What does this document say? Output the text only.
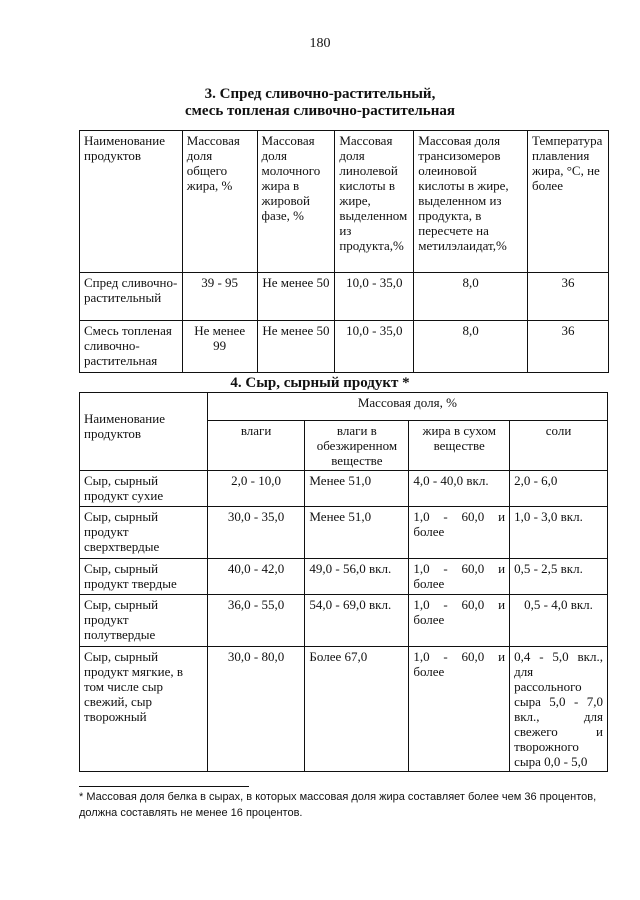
180
3. Спред сливочно-растительный,
смесь топленая сливочно-растительная
Наименование продуктов	Массовая доля общего жира, %	Массовая доля молочного жира в жировой фазе, %	Массовая доля линолевой кислоты в жире, выделенном из продукта,%	Массовая доля трансизомеров олеиновой кислоты в жире, выделенном из продукта, в пересчете на метилэлаидат,%	Температура плавления жира, °С, не более
Спред сливочно-растительный	39 - 95	Не менее 50	10,0 - 35,0	8,0	36
Смесь топленая сливочно-растительная	Не менее 99	Не менее 50	10,0 - 35,0	8,0	36
4. Сыр, сырный продукт *
Наименование продуктов	Массовая доля, %			
	влаги	влаги в обезжиренном веществе	жира в сухом веществе	соли
Сыр, сырный продукт сухие	2,0 - 10,0	Менее 51,0	4,0 - 40,0 вкл.	2,0 - 6,0
Сыр, сырный продукт сверхтвердые	30,0 - 35,0	Менее 51,0	1,0 - 60,0 и более	1,0 - 3,0 вкл.
Сыр, сырный продукт твердые	40,0 - 42,0	49,0 - 56,0 вкл.	1,0 - 60,0 и более	0,5 - 2,5 вкл.
Сыр, сырный продукт полутвердые	36,0 - 55,0	54,0 - 69,0 вкл.	1,0 - 60,0 и более	0,5 - 4,0 вкл.
Сыр, сырный продукт мягкие, в том числе сыр свежий, сыр творожный	30,0 - 80,0	Более 67,0	1,0 - 60,0 и более	0,4 - 5,0 вкл., для рассольного сыра 5,0 - 7,0 вкл., для свежего и творожного сыра 0,0 - 5,0
* Массовая доля белка в сырах, в которых массовая доля жира составляет более чем 36 процентов, должна составлять не менее 16 процентов.
